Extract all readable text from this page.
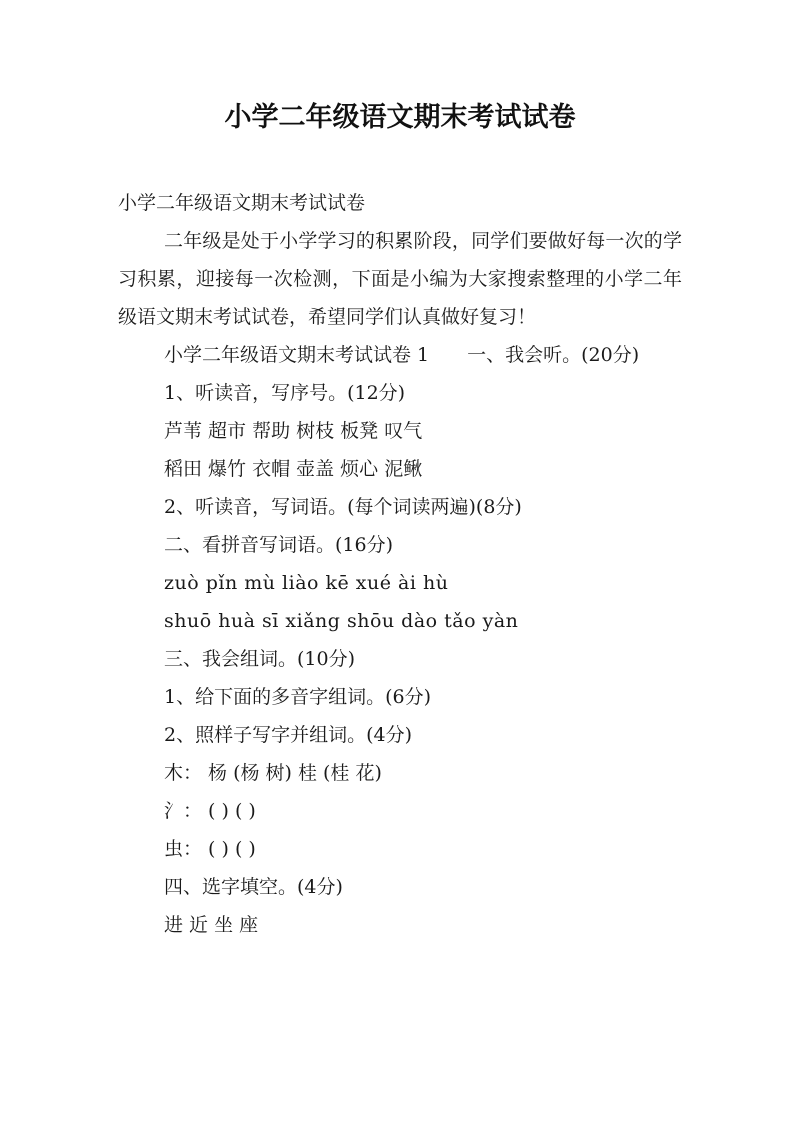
小学二年级语文期末考试试卷
小学二年级语文期末考试试卷
二年级是处于小学学习的积累阶段，同学们要做好每一次的学习积累，迎接每一次检测，下面是小编为大家搜索整理的小学二年级语文期末考试试卷，希望同学们认真做好复习！
小学二年级语文期末考试试卷 1　　一、我会听。(20分)
1、听读音，写序号。(12分)
芦苇 超市 帮助 树枝 板凳 叹气
稻田 爆竹 衣帽 壶盖 烦心 泥鳅
2、听读音，写词语。(每个词读两遍)(8分)
二、看拼音写词语。(16分)
zuò pǐn mù liào kē xué ài hù
shuō huà sī xiǎng shōu dào tǎo yàn
三、我会组词。(10分)
1、给下面的多音字组词。(6分)
2、照样子写字并组词。(4分)
木： 杨 (杨 树) 桂 (桂 花)
氵： ( ) ( )
虫： ( ) ( )
四、选字填空。(4分)
进 近 坐 座
